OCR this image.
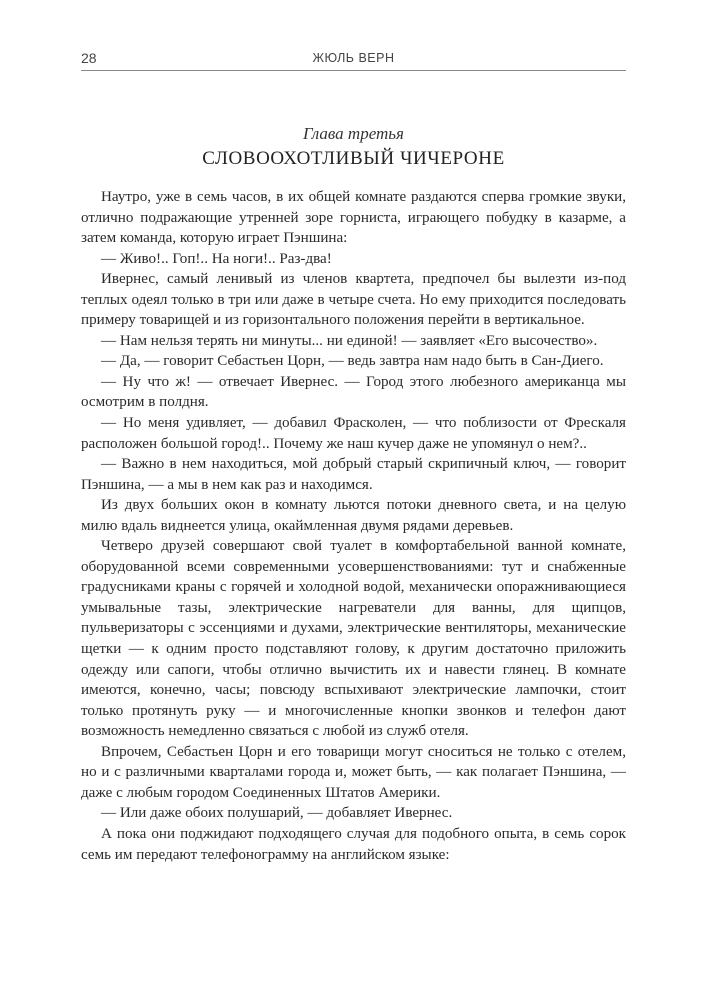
28	ЖЮЛЬ ВЕРН
Глава третья
СЛОВООХОТЛИВЫЙ ЧИЧЕРОНЕ

Наутро, уже в семь часов, в их общей комнате раздаются сперва громкие звуки, отлично подражающие утренней зоре горниста, играющего побудку в казарме, а затем команда, которую играет Пэншина:

— Живо!.. Гоп!.. На ноги!.. Раз-два!

Ивернес, самый ленивый из членов квартета, предпочел бы вылезти из-под теплых одеял только в три или даже в четыре счета. Но ему приходится последовать примеру товарищей и из горизонтального положения перейти в вертикальное.

— Нам нельзя терять ни минуты... ни единой! — заявляет «Его высочество».

— Да, — говорит Себастьен Цорн, — ведь завтра нам надо быть в Сан-Диего.

— Ну что ж! — отвечает Ивернес. — Город этого любезного американца мы осмотрим в полдня.

— Но меня удивляет, — добавил Фрасколен, — что поблизости от Фрескаля расположен большой город!.. Почему же наш кучер даже не упомянул о нем?..

— Важно в нем находиться, мой добрый старый скрипичный ключ, — говорит Пэншина, — а мы в нем как раз и находимся.

Из двух больших окон в комнату льются потоки дневного света, и на целую милю вдаль виднеется улица, окаймленная двумя рядами деревьев.

Четверо друзей совершают свой туалет в комфортабельной ванной комнате, оборудованной всеми современными усовершенствованиями: тут и снабженные градусниками краны с горячей и холодной водой, механически опоражнивающиеся умывальные тазы, электрические нагреватели для ванны, для щипцов, пульверизаторы с эссенциями и духами, электрические вентиляторы, механические щетки — к одним просто подставляют голову, к другим достаточно приложить одежду или сапоги, чтобы отлично вычистить их и навести глянец. В комнате имеются, конечно, часы; повсюду вспыхивают электрические лампочки, стоит только протянуть руку — и многочисленные кнопки звонков и телефон дают возможность немедленно связаться с любой из служб отеля.

Впрочем, Себастьен Цорн и его товарищи могут сноситься не только с отелем, но и с различными кварталами города и, может быть, — как полагает Пэншина, — даже с любым городом Соединенных Штатов Америки.

— Или даже обоих полушарий, — добавляет Ивернес.

А пока они поджидают подходящего случая для подобного опыта, в семь сорок семь им передают телефонограмму на английском языке:
